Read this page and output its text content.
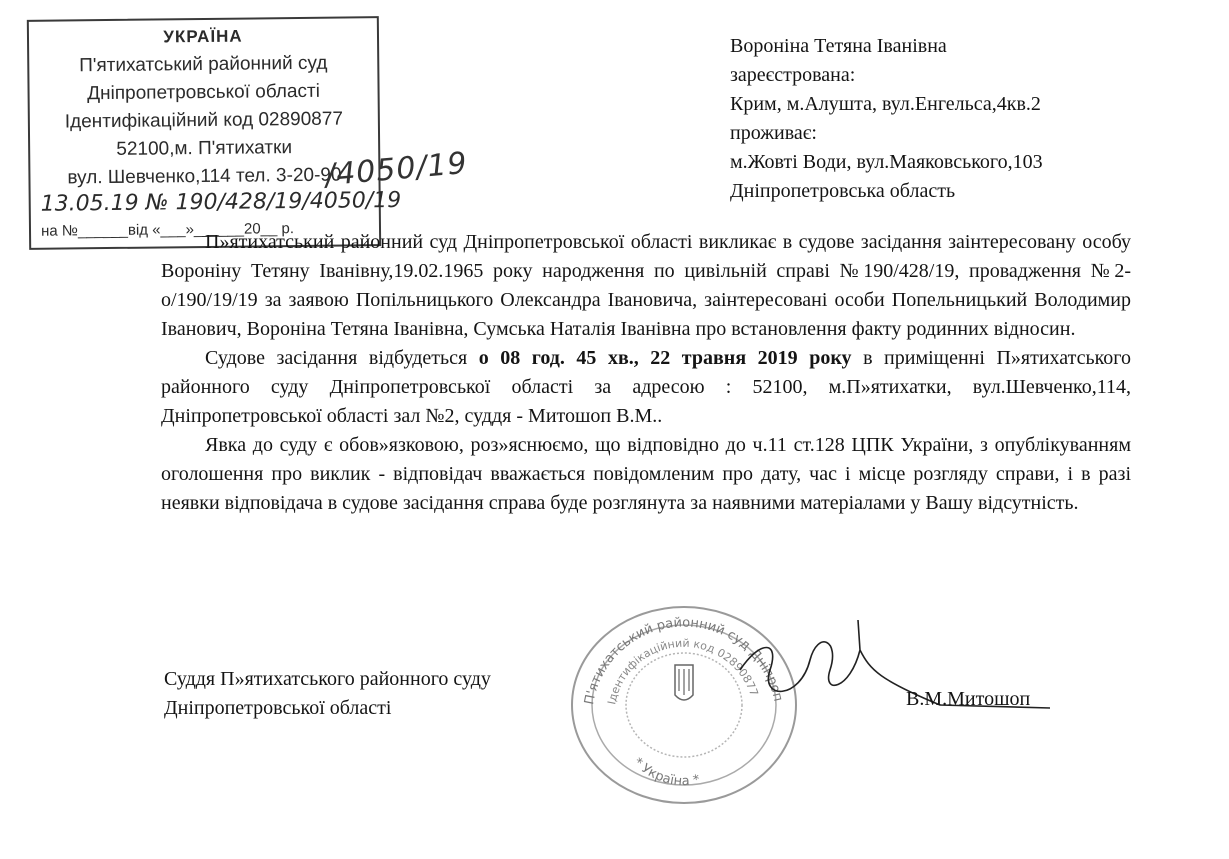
УКРАЇНА
П'ятихатський районний суд
Дніпропетровської області
Ідентифікаційний код 02890877
52100,м. П'ятихатки
вул. Шевченко,114 тел. 3-20-90
13.05.19 № 190/428/19/4050/19
на №______від «___»______20__ р.
/4050/19
Вороніна Тетяна Іванівна
зареєстрована:
Крим, м.Алушта, вул.Енгельса,4кв.2
проживає:
м.Жовті Води, вул.Маяковського,103
Дніпропетровська область

П»ятихатський районний суд Дніпропетровської області викликає в судове засідання заінтересовану особу Вороніну Тетяну Іванівну,19.02.1965 року народження по цивільній справі №190/428/19, провадження №2-о/190/19/19 за заявою Попільницького Олександра Івановича, заінтересовані особи Попельницький Володимир Іванович, Вороніна Тетяна Іванівна, Сумська Наталія Іванівна про встановлення факту родинних відносин.

Судове засідання відбудеться о 08 год. 45 хв., 22 травня 2019 року в приміщенні П»ятихатського районного суду Дніпропетровської області за адресою : 52100, м.П»ятихатки, вул.Шевченко,114, Дніпропетровської області зал №2, суддя - Митошоп В.М..

Явка до суду є обов»язковою, роз»яснюємо, що відповідно до ч.11 ст.128 ЦПК України, з опублікуванням оголошення про виклик - відповідач вважається повідомленим про дату, час і місце розгляду справи, і в разі неявки відповідача в судове засідання справа буде розглянута за наявними матеріалами у Вашу відсутність.

П'ятихатський районний суд Дніпроп
Ідентифікаційний код 02890877
* Україна *
Суддя П»ятихатського районного суду
Дніпропетровської області	В.М.Митошоп
